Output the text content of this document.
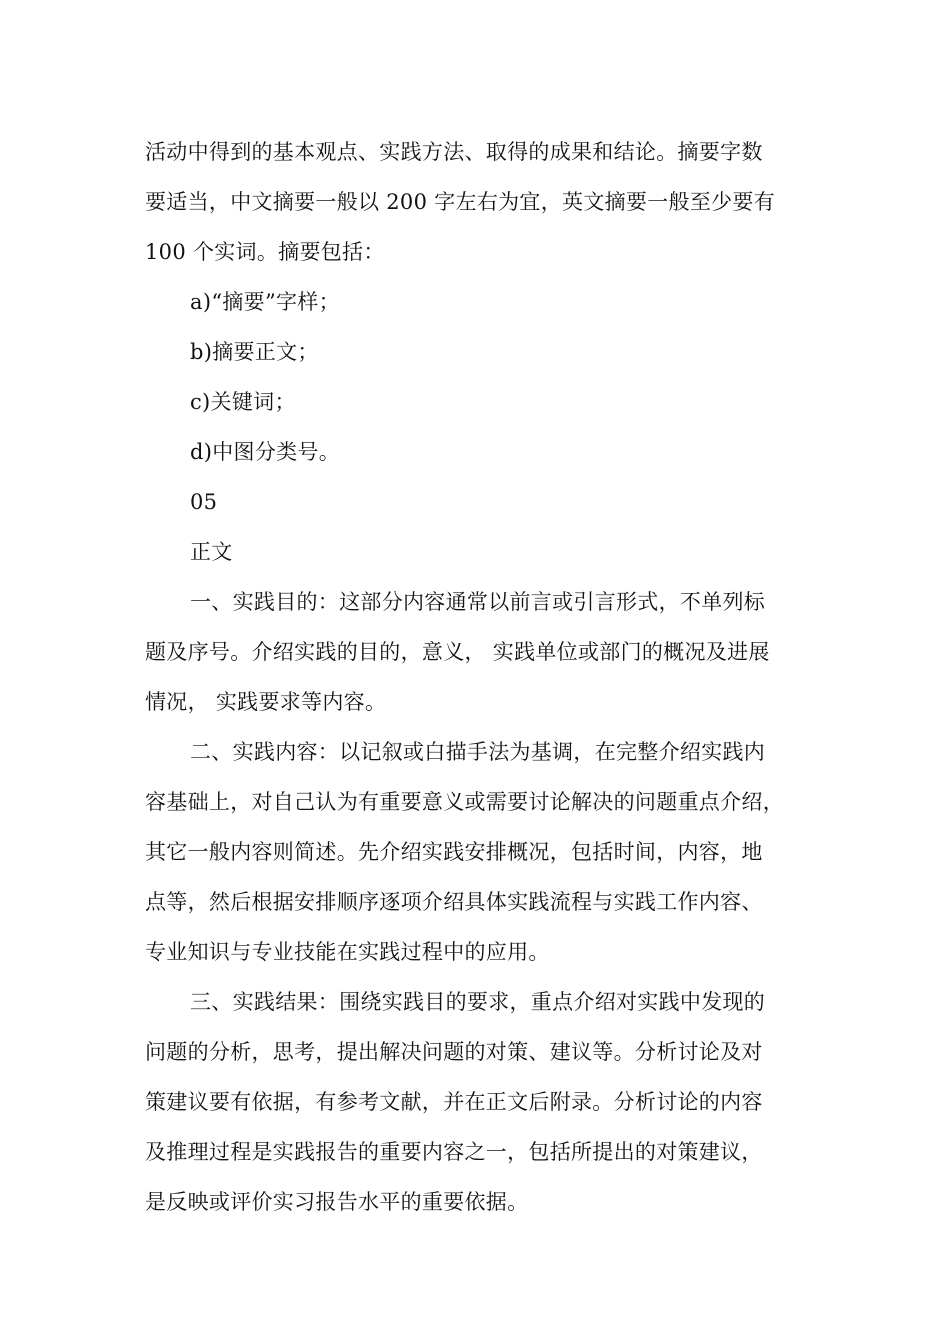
活动中得到的基本观点、实践方法、取得的成果和结论。摘要字数
要适当，中文摘要一般以 200 字左右为宜，英文摘要一般至少要有
100 个实词。摘要包括：
a)“摘要”字样；
b)摘要正文；
c)关键词；
d)中图分类号。
05
正文
一、实践目的：这部分内容通常以前言或引言形式，不单列标
题及序号。介绍实践的目的，意义， 实践单位或部门的概况及进展
情况， 实践要求等内容。
二、实践内容：以记叙或白描手法为基调，在完整介绍实践内
容基础上，对自己认为有重要意义或需要讨论解决的问题重点介绍，
其它一般内容则简述。先介绍实践安排概况，包括时间，内容，地
点等，然后根据安排顺序逐项介绍具体实践流程与实践工作内容、
专业知识与专业技能在实践过程中的应用。
三、实践结果：围绕实践目的要求，重点介绍对实践中发现的
问题的分析，思考，提出解决问题的对策、建议等。分析讨论及对
策建议要有依据，有参考文献，并在正文后附录。分析讨论的内容
及推理过程是实践报告的重要内容之一，包括所提出的对策建议，
是反映或评价实习报告水平的重要依据。
